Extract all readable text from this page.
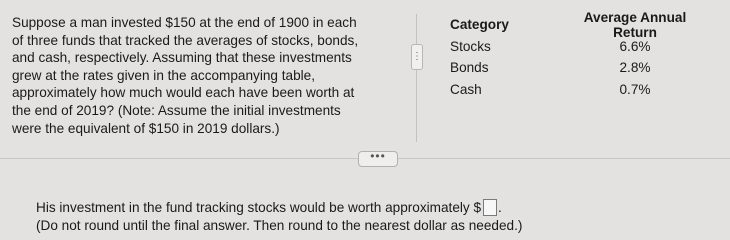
Suppose a man invested $150 at the end of 1900 in each
of three funds that tracked the averages of stocks, bonds,
and cash, respectively. Assuming that these investments
grew at the rates given in the accompanying table,
approximately how much would each have been worth at
the end of 2019? (Note: Assume the initial investments
were the equivalent of $150 in 2019 dollars.)

⋮
Category	Average Annual Return
Stocks	6.6%
Bonds	2.8%
Cash	0.7%
•••
His investment in the fund tracking stocks would be worth approximately $ .
(Do not round until the final answer. Then round to the nearest dollar as needed.)
